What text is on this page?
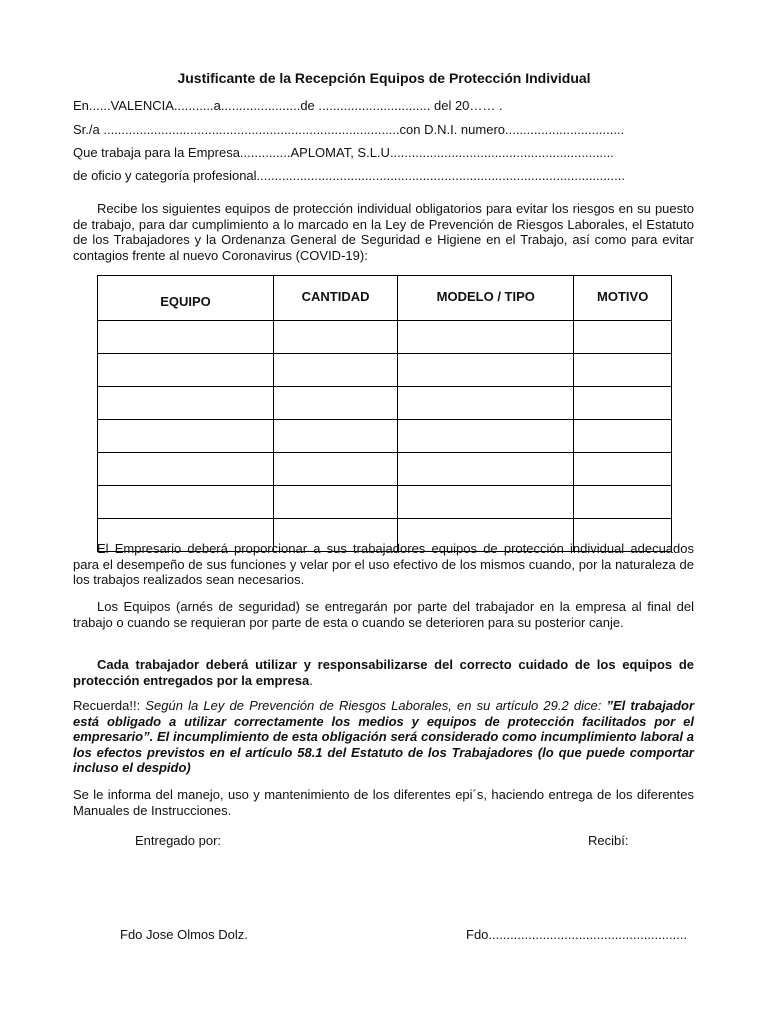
Justificante de la Recepción Equipos de Protección Individual
En......VALENCIA...........a......................de ............................... del 20…… .
Sr./a ..................................................................................con D.N.I. numero.................................
Que trabaja para la Empresa..............APLOMAT, S.L.U..............................................................
de oficio y categoría profesional......................................................................................................
Recibe los siguientes equipos de protección individual obligatorios para evitar los riesgos en su puesto de trabajo, para dar cumplimiento a lo marcado en la Ley de Prevención de Riesgos Laborales, el Estatuto de los Trabajadores y la Ordenanza General de Seguridad e Higiene en el Trabajo, así como para evitar contagios frente al nuevo Coronavirus (COVID-19):
EQUIPO	CANTIDAD	MODELO / TIPO	MOTIVO

El Empresario deberá proporcionar a sus trabajadores equipos de protección individual adecuados para el desempeño de sus funciones y velar por el uso efectivo de los mismos cuando, por la naturaleza de los trabajos realizados sean necesarios.
Los Equipos (arnés de seguridad) se entregarán por parte del trabajador en la empresa al final del trabajo o cuando se requieran por parte de esta o cuando se deterioren para su posterior canje.
Cada trabajador deberá utilizar y responsabilizarse del correcto cuidado de los equipos de protección entregados por la empresa.
Recuerda!!: Según la Ley de Prevención de Riesgos Laborales, en su artículo 29.2 dice: ”El trabajador está obligado a utilizar correctamente los medios y equipos de protección facilitados por el empresario”. El incumplimiento de esta obligación será considerado como incumplimiento laboral a los efectos previstos en el artículo 58.1 del Estatuto de los Trabajadores (lo que puede comportar incluso el despido)
Se le informa del manejo, uso y mantenimiento de los diferentes epi´s, haciendo entrega de los diferentes Manuales de Instrucciones.
Entregado por:	Recibí:
Fdo Jose Olmos Dolz.	Fdo.......................................................
